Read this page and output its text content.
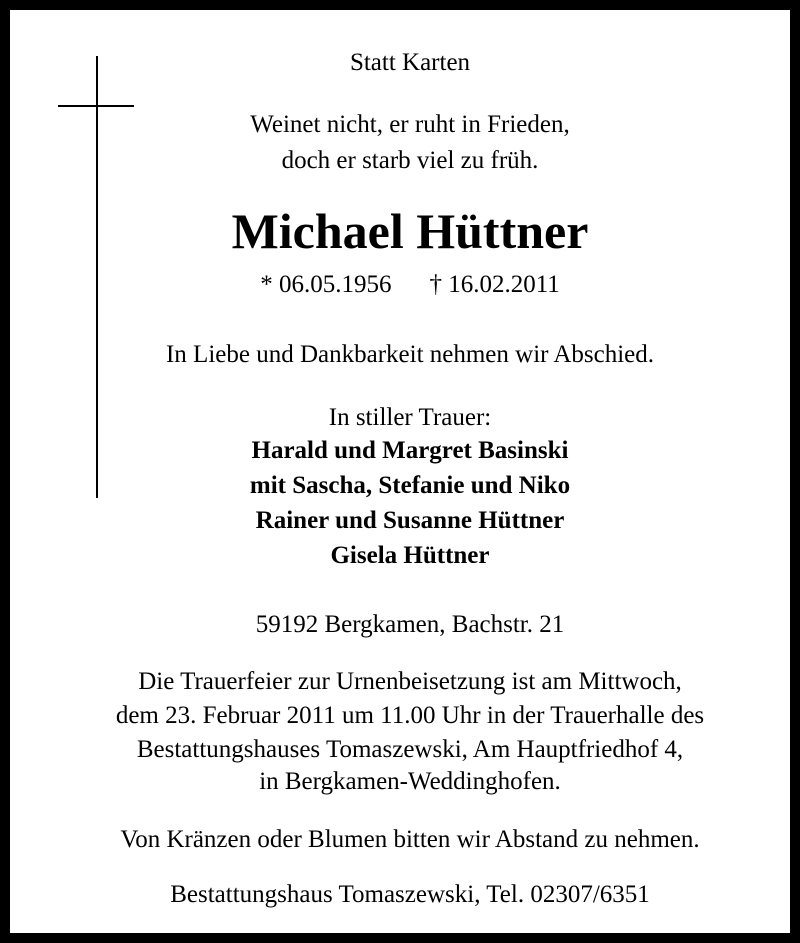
Statt Karten
Weinet nicht, er ruht in Frieden,
doch er starb viel zu früh.
Michael Hüttner
* 06.05.1956 † 16.02.2011
In Liebe und Dankbarkeit nehmen wir Abschied.
In stiller Trauer:
Harald und Margret Basinski
mit Sascha, Stefanie und Niko
Rainer und Susanne Hüttner
Gisela Hüttner
59192 Bergkamen, Bachstr. 21
Die Trauerfeier zur Urnenbeisetzung ist am Mittwoch,
dem 23. Februar 2011 um 11.00 Uhr in der Trauerhalle des
Bestattungshauses Tomaszewski, Am Hauptfriedhof 4,
in Bergkamen-Weddinghofen.
Von Kränzen oder Blumen bitten wir Abstand zu nehmen.
Bestattungshaus Tomaszewski, Tel. 02307/6351
